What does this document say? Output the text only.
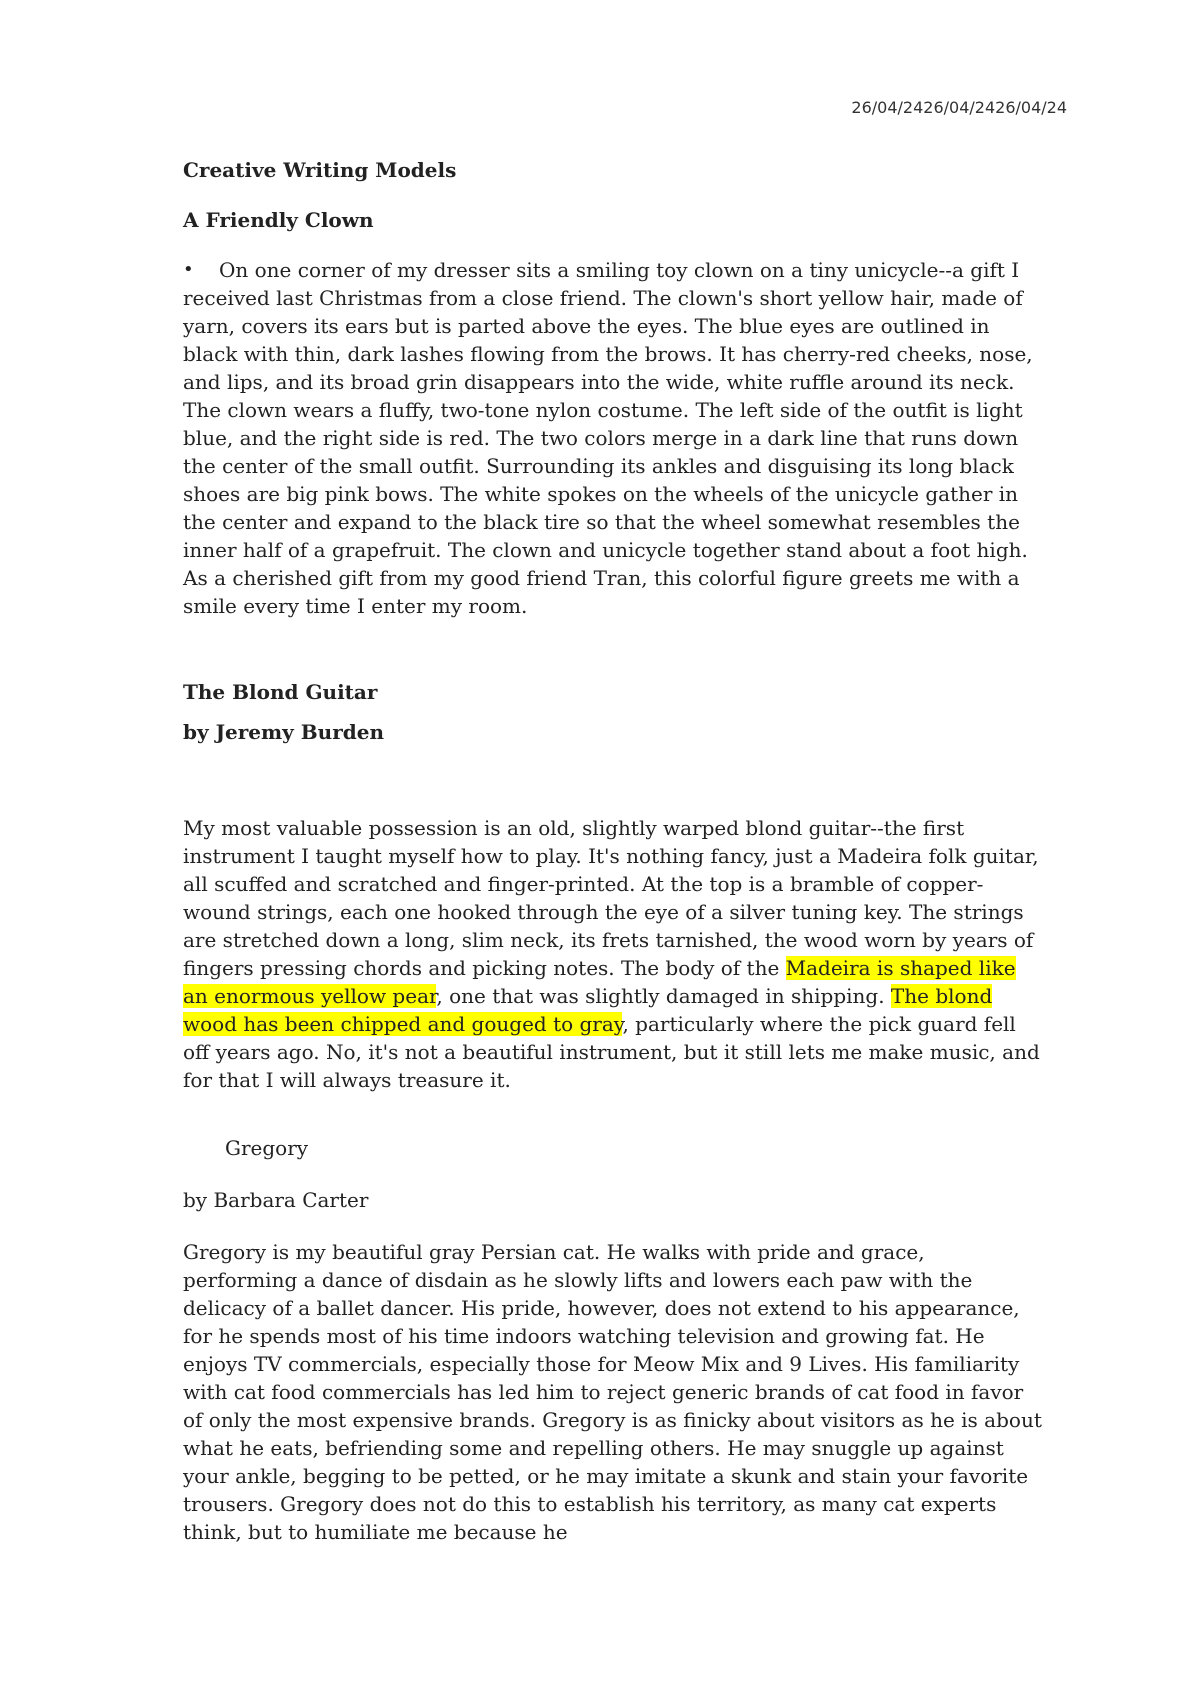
26/04/2426/04/2426/04/24
Creative Writing Models
A Friendly Clown
•	On one corner of my dresser sits a smiling toy clown on a tiny unicycle--a gift I received last Christmas from a close friend. The clown's short yellow hair, made of yarn, covers its ears but is parted above the eyes. The blue eyes are outlined in black with thin, dark lashes flowing from the brows. It has cherry-red cheeks, nose, and lips, and its broad grin disappears into the wide, white ruffle around its neck. The clown wears a fluffy, two-tone nylon costume. The left side of the outfit is light blue, and the right side is red. The two colors merge in a dark line that runs down the center of the small outfit. Surrounding its ankles and disguising its long black shoes are big pink bows. The white spokes on the wheels of the unicycle gather in the center and expand to the black tire so that the wheel somewhat resembles the inner half of a grapefruit. The clown and unicycle together stand about a foot high. As a cherished gift from my good friend Tran, this colorful figure greets me with a smile every time I enter my room.
The Blond Guitar
by Jeremy Burden

My most valuable possession is an old, slightly warped blond guitar--the first instrument I taught myself how to play. It's nothing fancy, just a Madeira folk guitar, all scuffed and scratched and finger-printed. At the top is a bramble of copper-wound strings, each one hooked through the eye of a silver tuning key. The strings are stretched down a long, slim neck, its frets tarnished, the wood worn by years of fingers pressing chords and picking notes. The body of the Madeira is shaped like an enormous yellow pear, one that was slightly damaged in shipping. The blond wood has been chipped and gouged to gray, particularly where the pick guard fell off years ago. No, it's not a beautiful instrument, but it still lets me make music, and for that I will always treasure it.

Gregory

by Barbara Carter

Gregory is my beautiful gray Persian cat. He walks with pride and grace, performing a dance of disdain as he slowly lifts and lowers each paw with the delicacy of a ballet dancer. His pride, however, does not extend to his appearance, for he spends most of his time indoors watching television and growing fat. He enjoys TV commercials, especially those for Meow Mix and 9 Lives. His familiarity with cat food commercials has led him to reject generic brands of cat food in favor of only the most expensive brands. Gregory is as finicky about visitors as he is about what he eats, befriending some and repelling others. He may snuggle up against your ankle, begging to be petted, or he may imitate a skunk and stain your favorite trousers. Gregory does not do this to establish his territory, as many cat experts think, but to humiliate me because he
